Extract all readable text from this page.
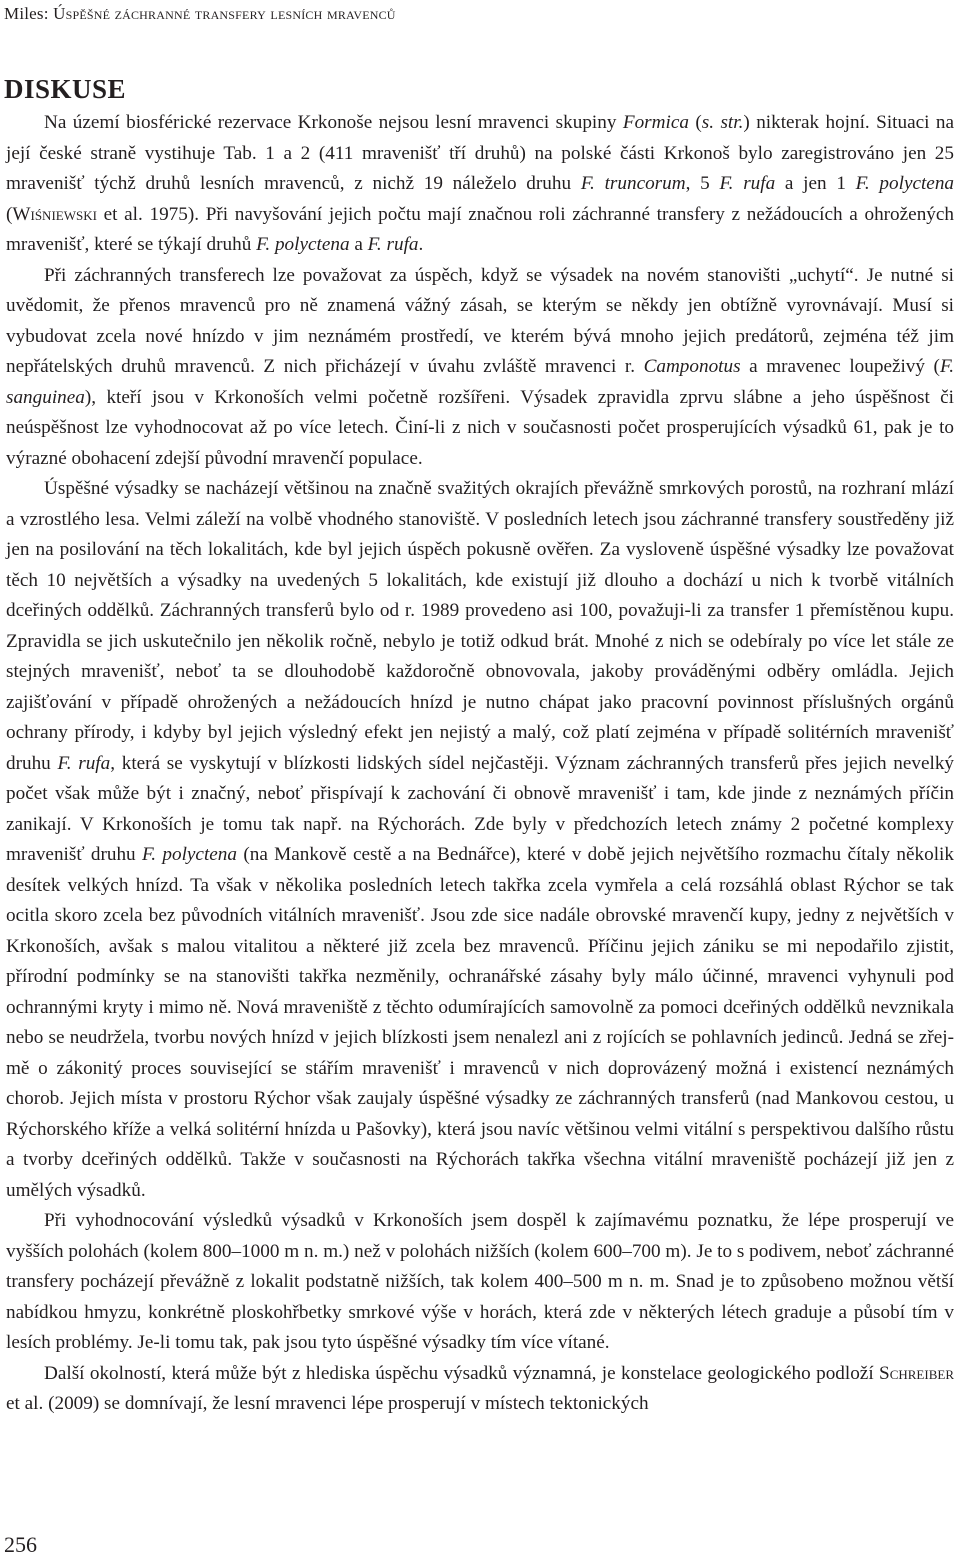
Miles: Úspěšné záchranné transfery lesních mravenců
DISKUSE

Na území biosférické rezervace Krkonoše nejsou lesní mravenci skupiny Formica (s. str.) nikterak hojní. Situaci na její české straně vystihuje Tab. 1 a 2 (411 mravenišť tří druhů) na polské části Krkonoš bylo zaregistrováno jen 25 mravenišť týchž druhů lesních mravenců, z nichž 19 náleželo druhu F. truncorum, 5 F. rufa a jen 1 F. polyctena (Wiśniewski et al. 1975). Při navyšování jejich počtu mají značnou roli záchranné transfery z nežádoucích a ohrožených mravenišť, které se týkají druhů F. polyctena a F. rufa.

Při záchranných transferech lze považovat za úspěch, když se výsadek na novém stanovišti „uchytí“. Je nutné si uvědomit, že přenos mravenců pro ně znamená vážný zásah, se kterým se někdy jen obtížně vyrovnávají. Musí si vybudovat zcela nové hnízdo v jim neznámém prostředí, ve kterém bývá mnoho jejich predátorů, zejména též jim nepřátelských druhů mravenců. Z nich přicházejí v úvahu zvláště mravenci r. Camponotus a mravenec loupeživý (F. sanguinea), kteří jsou v Krkonoších velmi početně rozšířeni. Výsadek zpravidla zprvu slábne a jeho úspěšnost či neúspěšnost lze vyhodnocovat až po více letech. Činí-li z nich v současnosti počet prosperujících výsadků 61, pak je to výrazné obohacení zdejší původní mravenčí populace.

Úspěšné výsadky se nacházejí většinou na značně svažitých okrajích převážně smrkových porostů, na rozhraní mlází a vzrostlého lesa. Velmi záleží na volbě vhodného stanoviště. V posledních letech jsou záchranné transfery soustředěny již jen na posilování na těch lokalitách, kde byl jejich úspěch pokusně ověřen. Za vysloveně úspěšné výsadky lze považovat těch 10 největších a výsadky na uvedených 5 lokalitách, kde existují již dlouho a dochází u nich k tvorbě vitálních dceřiných oddělků. Záchranných transferů bylo od r. 1989 provedeno asi 100, považuji-li za transfer 1 přemístěnou kupu. Zpravidla se jich uskutečnilo jen několik ročně, nebylo je totiž odkud brát. Mnohé z nich se odebíraly po více let stále ze stejných mravenišť, neboť ta se dlouhodobě každoročně obnovovala, jakoby prováděnými odběry omládla. Jejich zajišťování v případě ohrožených a nežádoucích hnízd je nutno chápat jako pracovní povinnost příslušných orgánů ochrany přírody, i kdyby byl jejich výsledný efekt jen nejistý a malý, což platí zejména v případě solitérních mravenišť druhu F. rufa, která se vyskytují v blízkosti lidských sídel nejčastěji. Význam záchranných transferů přes jejich nevelký počet však může být i značný, neboť přispívají k zachování či obnově mravenišť i tam, kde jinde z neznámých příčin zanikají. V Krkonoších je tomu tak např. na Rýchorách. Zde byly v předchozích letech známy 2 početné komplexy mravenišť druhu F. polyctena (na Mankově cestě a na Bednářce), které v době jejich největšího rozmachu čítaly několik desítek velkých hnízd. Ta však v několika posledních letech takřka zcela vymřela a celá rozsáhlá oblast Rýchor se tak ocitla skoro zcela bez původních vitálních mravenišť. Jsou zde sice nadále obrovské mravenčí kupy, jedny z největších v Krkonoších, avšak s malou vitalitou a některé již zcela bez mravenců. Příčinu jejich zániku se mi nepodařilo zjistit, přírodní podmínky se na stanovišti takřka nezměnily, ochranářské zásahy byly málo účinné, mravenci vyhynuli pod ochrannými kryty i mimo ně. Nová mraveniště z těchto odumírajících samovolně za pomoci dceřiných oddělků nevznikala nebo se neudržela, tvorbu nových hnízd v jejich blízkosti jsem nenalezl ani z rojících se pohlavních jedinců. Jedná se zřejmě o zákonitý proces související se stářím mravenišť i mravenců v nich doprovázený možná i existencí neznámých chorob. Jejich místa v prostoru Rýchor však zaujaly úspěšné výsadky ze záchranných transferů (nad Mankovou cestou, u Rýchorského kříže a velká solitérní hnízda u Pašovky), která jsou navíc většinou velmi vitální s perspektivou dalšího růstu a tvorby dceřiných oddělků. Takže v současnosti na Rýchorách takřka všechna vitální mraveniště pocházejí již jen z umělých výsadků.

Při vyhodnocování výsledků výsadků v Krkonoších jsem dospěl k zajímavému poznatku, že lépe prosperují ve vyšších polohách (kolem 800–1000 m n. m.) než v polohách nižších (kolem 600–700 m). Je to s podivem, neboť záchranné transfery pocházejí převážně z lokalit podstatně nižších, tak kolem 400–500 m n. m. Snad je to způsobeno možnou větší nabídkou hmyzu, konkrétně ploskohřbetky smrkové výše v horách, která zde v některých létech graduje a působí tím v lesích problémy. Je-li tomu tak, pak jsou tyto úspěšné výsadky tím více vítané.

Další okolností, která může být z hlediska úspěchu výsadků významná, je konstelace geologického podloží Schreiber et al. (2009) se domnívají, že lesní mravenci lépe prosperují v místech tektonických

256
